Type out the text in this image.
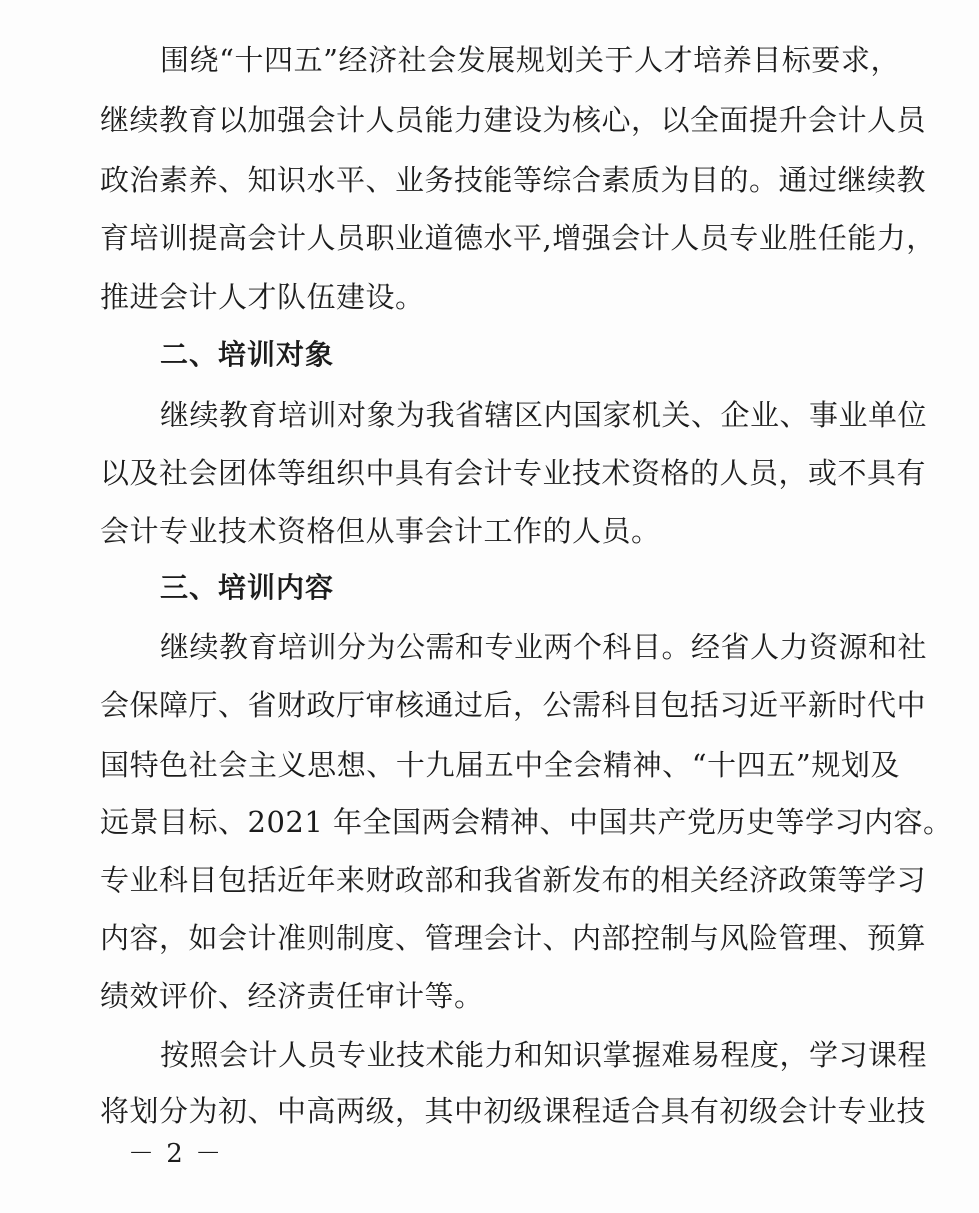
围绕“十四五”经济社会发展规划关于人才培养目标要求，
继续教育以加强会计人员能力建设为核心，以全面提升会计人员
政治素养、知识水平、业务技能等综合素质为目的。通过继续教
育培训提高会计人员职业道德水平,增强会计人员专业胜任能力，
推进会计人才队伍建设。
二、培训对象
继续教育培训对象为我省辖区内国家机关、企业、事业单位
以及社会团体等组织中具有会计专业技术资格的人员，或不具有
会计专业技术资格但从事会计工作的人员。
三、培训内容
继续教育培训分为公需和专业两个科目。经省人力资源和社
会保障厅、省财政厅审核通过后，公需科目包括习近平新时代中
国特色社会主义思想、十九届五中全会精神、“十四五”规划及
远景目标、2021 年全国两会精神、中国共产党历史等学习内容。
专业科目包括近年来财政部和我省新发布的相关经济政策等学习
内容，如会计准则制度、管理会计、内部控制与风险管理、预算
绩效评价、经济责任审计等。
按照会计人员专业技术能力和知识掌握难易程度，学习课程
将划分为初、中高两级，其中初级课程适合具有初级会计专业技
－ 2 －
